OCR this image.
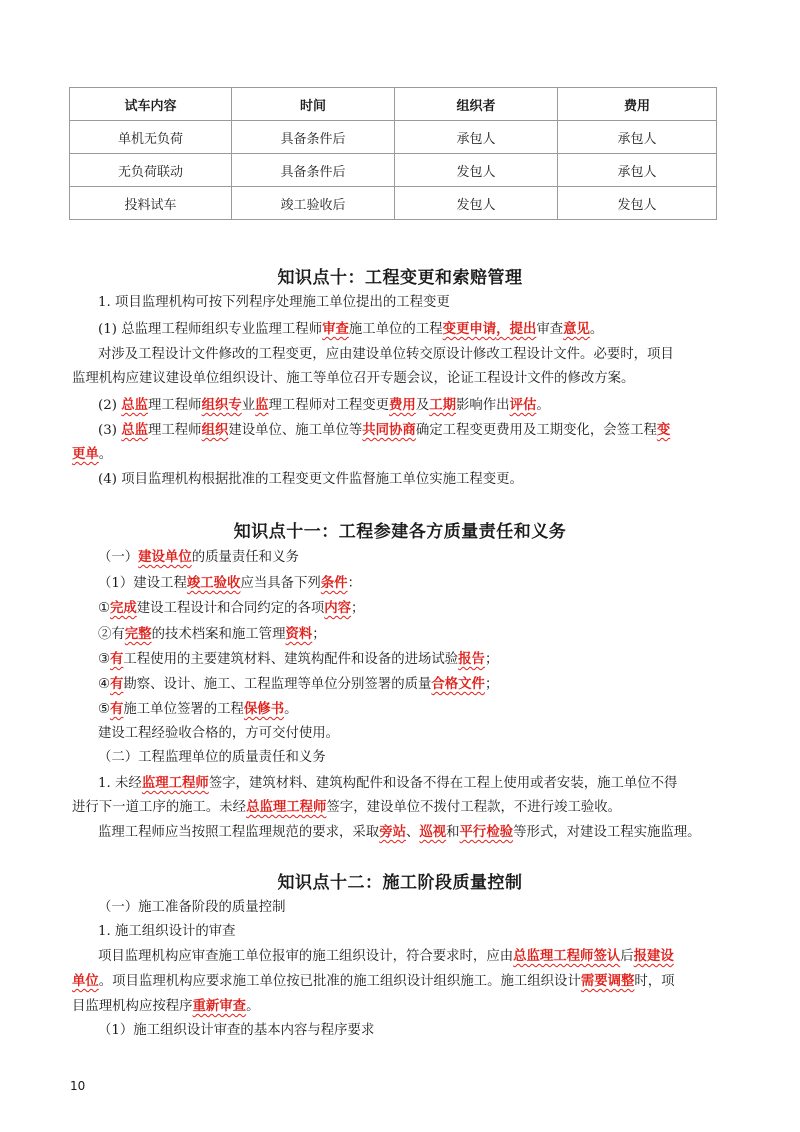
试车内容	时间	组织者	费用
单机无负荷	具备条件后	承包人	承包人
无负荷联动	具备条件后	发包人	承包人
投料试车	竣工验收后	发包人	发包人
知识点十：工程变更和索赔管理
1. 项目监理机构可按下列程序处理施工单位提出的工程变更
(1) 总监理工程师组织专业监理工程师审查施工单位的工程变更申请，提出审查意见。
对涉及工程设计文件修改的工程变更，应由建设单位转交原设计修改工程设计文件。必要时，项目
监理机构应建议建设单位组织设计、施工等单位召开专题会议，论证工程设计文件的修改方案。
(2) 总监理工程师组织专业监理工程师对工程变更费用及工期影响作出评估。
(3) 总监理工程师组织建设单位、施工单位等共同协商确定工程变更费用及工期变化，会签工程变
更单。
(4) 项目监理机构根据批准的工程变更文件监督施工单位实施工程变更。
知识点十一：工程参建各方质量责任和义务
（一）建设单位的质量责任和义务
（1）建设工程竣工验收应当具备下列条件：
①完成建设工程设计和合同约定的各项内容；
②有完整的技术档案和施工管理资料；
③有工程使用的主要建筑材料、建筑构配件和设备的进场试验报告；
④有勘察、设计、施工、工程监理等单位分别签署的质量合格文件；
⑤有施工单位签署的工程保修书。
建设工程经验收合格的，方可交付使用。
（二）工程监理单位的质量责任和义务
1. 未经监理工程师签字，建筑材料、建筑构配件和设备不得在工程上使用或者安装，施工单位不得
进行下一道工序的施工。未经总监理工程师签字，建设单位不拨付工程款，不进行竣工验收。
监理工程师应当按照工程监理规范的要求，采取旁站、巡视和平行检验等形式，对建设工程实施监理。
知识点十二：施工阶段质量控制
（一）施工准备阶段的质量控制
1. 施工组织设计的审查
项目监理机构应审查施工单位报审的施工组织设计，符合要求时，应由总监理工程师签认后报建设
单位。项目监理机构应要求施工单位按已批准的施工组织设计组织施工。施工组织设计需要调整时，项
目监理机构应按程序重新审查。
（1）施工组织设计审查的基本内容与程序要求
10
